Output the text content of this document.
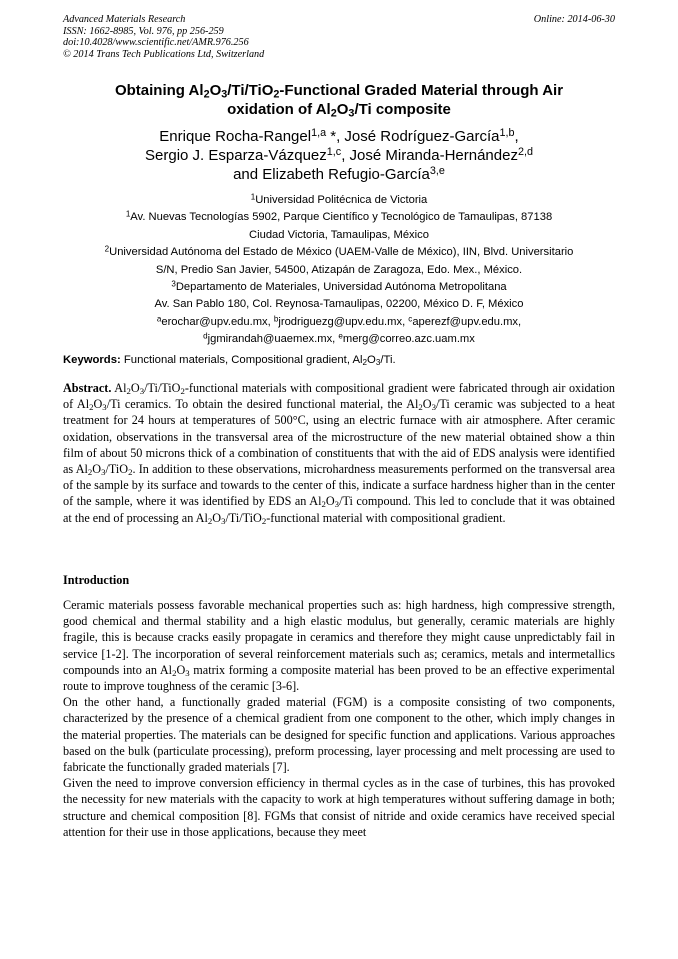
Advanced Materials Research
ISSN: 1662-8985, Vol. 976, pp 256-259
doi:10.4028/www.scientific.net/AMR.976.256
© 2014 Trans Tech Publications Ltd, Switzerland
Online: 2014-06-30
Obtaining $Al_2O_3/Ti/TiO_2$-Functional Graded Material through Air
oxidation of $Al_2O_3/Ti$ composite
Enrique Rocha-Rangel$^{1,a}$ *, José Rodríguez-García$^{1,b}$,
Sergio J. Esparza-Vázquez$^{1,c}$, José Miranda-Hernández$^{2,d}$
and Elizabeth Refugio-García$^{3,e}$
$^1$Universidad Politécnica de Victoria
$^1$Av. Nuevas Tecnologías 5902, Parque Científico y Tecnológico de Tamaulipas, 87138
Ciudad Victoria, Tamaulipas, México
$^2$Universidad Autónoma del Estado de México (UAEM-Valle de México), IIN, Blvd. Universitario
S/N, Predio San Javier, 54500, Atizapán de Zaragoza, Edo. Mex., México.
$^3$Departamento de Materiales, Universidad Autónoma Metropolitana
Av. San Pablo 180, Col. Reynosa-Tamaulipas, 02200, México D. F, México
$^a$erochar@upv.edu.mx, $^b$jrodriguezg@upv.edu.mx, $^c$aperezf@upv.edu.mx,
$^d$jgmirandah@uaemex.mx, $^e$merg@correo.azc.uam.mx
Keywords: Functional materials, Compositional gradient, $Al_2O_3/Ti$.

Abstract. $Al_2O_3/Ti/TiO_2$-functional materials with compositional gradient were fabricated through air oxidation of $Al_2O_3/Ti$ ceramics. To obtain the desired functional material, the $Al_2O_3/Ti$ ceramic was subjected to a heat treatment for 24 hours at temperatures of 500°C, using an electric furnace with air atmosphere. After ceramic oxidation, observations in the transversal area of the microstructure of the new material obtained show a thin film of about 50 microns thick of a combination of constituents that with the aid of EDS analysis were identified as $Al_2O_3/TiO_2$. In addition to these observations, microhardness measurements performed on the transversal area of the sample by its surface and towards to the center of this, indicate a surface hardness higher than in the center of the sample, where it was identified by EDS an $Al_2O_3/Ti$ compound. This led to conclude that it was obtained at the end of processing an $Al_2O_3/Ti/TiO_2$-functional material with compositional gradient.

Introduction

Ceramic materials possess favorable mechanical properties such as: high hardness, high compressive strength, good chemical and thermal stability and a high elastic modulus, but generally, ceramic materials are highly fragile, this is because cracks easily propagate in ceramics and therefore they might cause unpredictably fail in service [1-2]. The incorporation of several reinforcement materials such as; ceramics, metals and intermetallics compounds into an $Al_2O_3$ matrix forming a composite material has been proved to be an effective experimental route to improve toughness of the ceramic [3-6].

On the other hand, a functionally graded material (FGM) is a composite consisting of two components, characterized by the presence of a chemical gradient from one component to the other, which imply changes in the material properties. The materials can be designed for specific function and applications. Various approaches based on the bulk (particulate processing), preform processing, layer processing and melt processing are used to fabricate the functionally graded materials [7].

Given the need to improve conversion efficiency in thermal cycles as in the case of turbines, this has provoked the necessity for new materials with the capacity to work at high temperatures without suffering damage in both; structure and chemical composition [8]. FGMs that consist of nitride and oxide ceramics have received special attention for their use in those applications, because they meet
